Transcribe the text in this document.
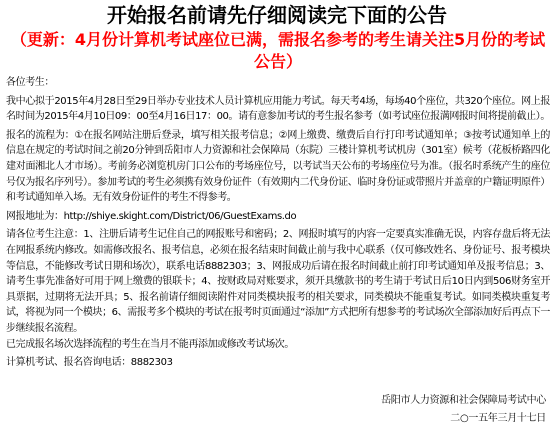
开始报名前请先仔细阅读完下面的公告
（更新：4月份计算机考试座位已满，需报名参考的考生请关注5月份的考试公告）

各位考生：

我中心拟于2015年4月28日至29日举办专业技术人员计算机应用能力考试。每天考4场，每场40个座位，共320个座位。网上报名时间为2015年4月10日09：00至4月16日17：00。请有意参加考试的考生报名参考（如考试座位报满网报时间将提前截止）。

报名的流程为：①在报名网站注册后登录，填写相关报考信息；②网上缴费、缴费后自行打印考试通知单；③按考试通知单上的信息在规定的考试时间之前20分钟到岳阳市人力资源和社会保障局（东院）三楼计算机考试机房（301室）候考（花板桥路四化建对面湘北人才市场）。考前务必浏览机房门口公布的考场座位号，以考试当天公布的考场座位号为准。（报名时系统产生的座位号仅为报名序列号）。参加考试的考生必须携有效身份证件（有效期内二代身份证、临时身份证或带照片并盖章的户籍证明原件）和考试通知单入场。无有效身份证件的考生不得参考。

网报地址为：http://shiye.skight.com/District/06/GuestExams.do

请各位考生注意：1、注册后请考生记住自己的网报账号和密码；2、网报时填写的内容一定要真实准确无误，内容存盘后将无法在网报系统内修改。如需修改报名、报考信息，必须在报名结束时间截止前与我中心联系（仅可修改姓名、身份证号、报考模块等信息，不能修改考试日期和场次），联系电话8882303；3、网报成功后请在报名时间截止前打印考试通知单及报考信息；3、请考生事先准备好可用于网上缴费的银联卡；4、按财政局对账要求，须开具缴款书的考生请于考试日后10日内到506财务室开具票据，过期将无法开具；5、报名前请仔细阅读附件对同类模块报考的相关要求，同类模块不能重复考试。如同类模块重复考试，将视为同一个模块；6、需报考多个模块的考试在报考时页面通过“添加”方式把所有想参考的考试场次全部添加好后再点下一步继续报名流程。

已完成报名场次选择流程的考生在当月不能再添加或修改考试场次。

计算机考试、报名咨询电话：8882303

岳阳市人力资源和社会保障局考试中心
二○一五年三月十七日
